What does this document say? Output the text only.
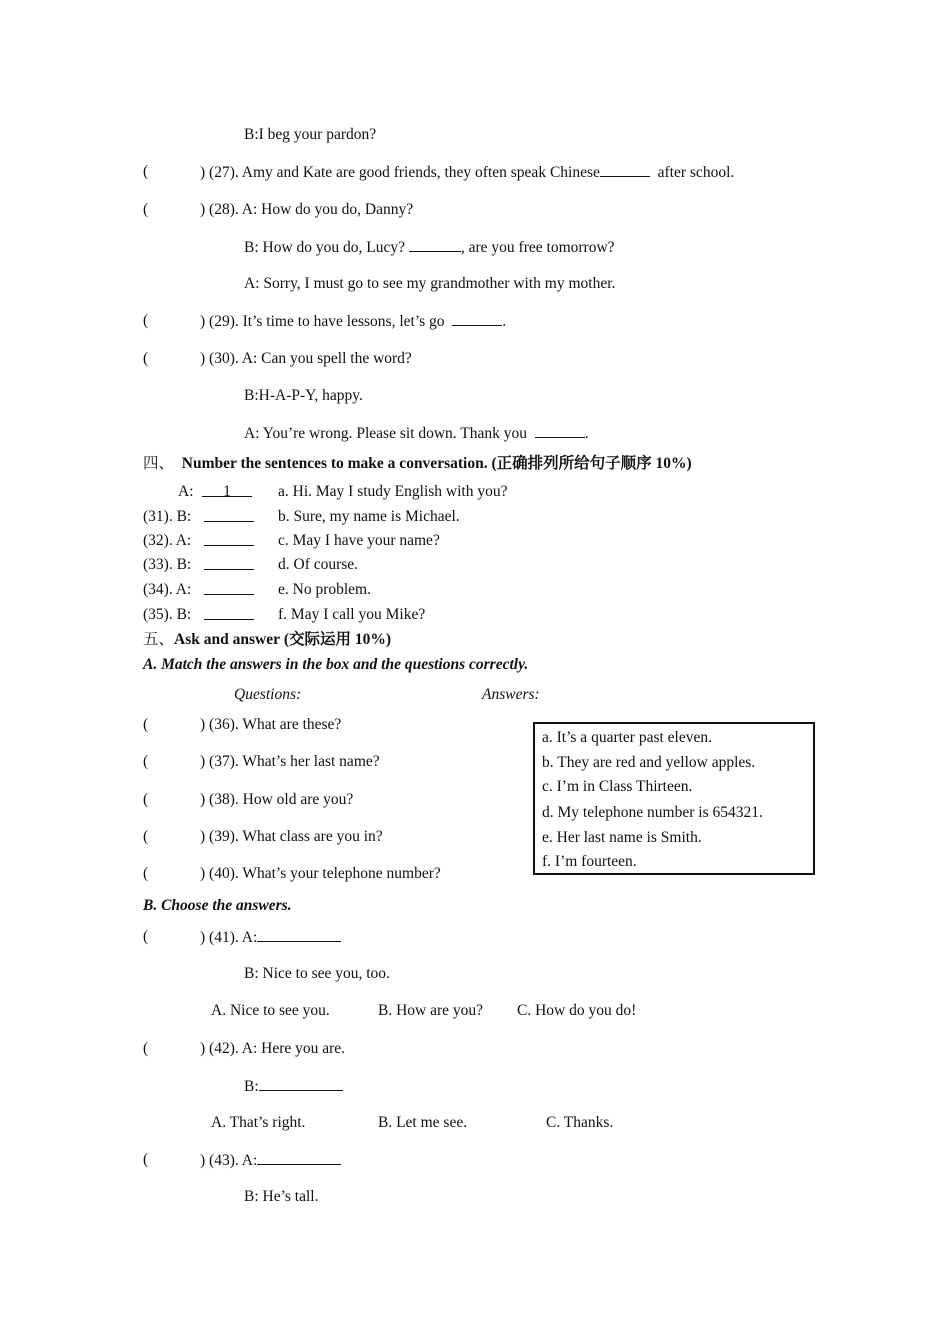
B:I beg your pardon?
(	) (27). Amy and Kate are good friends, they often speak Chinese	after school.
(	) (28). A: How do you do, Danny?
B: How do you do, Lucy?	, are you free tomorrow?
A: Sorry, I must go to see my grandmother with my mother.
(	) (29). It’s time to have lessons, let’s go	.
(	) (30). A: Can you spell the word?
B:H-A-P-Y, happy.
A: You’re wrong. Please sit down. Thank you	.
四、 Number the sentences to make a conversation. (正确排列所给句子顺序 10%)
A:	1	a. Hi. May I study English with you?
(31). B:	b. Sure, my name is Michael.
(32). A:	c. May I have your name?
(33). B:	d. Of course.
(34). A:	e. No problem.
(35). B:	f. May I call you Mike?
五、Ask and answer (交际运用 10%)
A. Match the answers in the box and the questions correctly.
Questions:	Answers:
(	) (36). What are these?
(	) (37). What’s her last name?
(	) (38). How old are you?
(	) (39). What class are you in?
(	) (40). What’s your telephone number?
a. It’s a quarter past eleven.
b. They are red and yellow apples.
c. I’m in Class Thirteen.
d. My telephone number is 654321.
e. Her last name is Smith.
f. I’m fourteen.
B. Choose the answers.
(	) (41). A:
B: Nice to see you, too.
A. Nice to see you.	B. How are you? C. How do you do!
(	) (42). A: Here you are.
B:
A. That’s right.	B. Let me see.	C. Thanks.
(	) (43). A:
B: He’s tall.
